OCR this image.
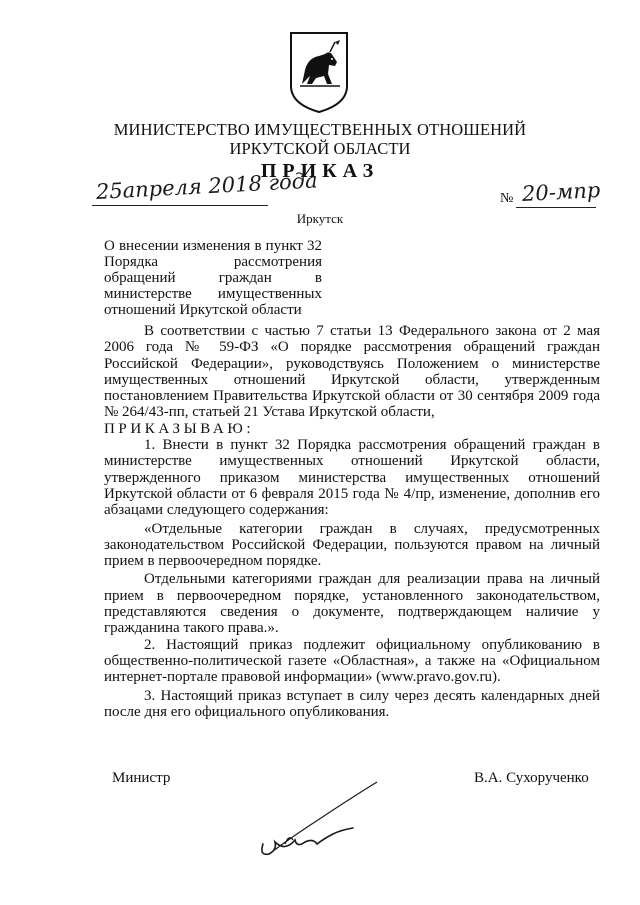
МИНИСТЕРСТВО ИМУЩЕСТВЕННЫХ ОТНОШЕНИЙ
ИРКУТСКОЙ ОБЛАСТИ
ПРИКАЗ
25апреля 2018 года	№ 20-мпр
Иркутск
О внесении изменения в пункт 32 Порядка рассмотрения обращений граждан в министерстве имущественных отношений Иркутской области

В соответствии с частью 7 статьи 13 Федерального закона от 2 мая 2006 года № 59-ФЗ «О порядке рассмотрения обращений граждан Российской Федерации», руководствуясь Положением о министерстве имущественных отношений Иркутской области, утвержденным постановлением Правительства Иркутской области от 30 сентября 2009 года № 264/43-пп, статьей 21 Устава Иркутской области,

ПРИКАЗЫВАЮ:

1. Внести в пункт 32 Порядка рассмотрения обращений граждан в министерстве имущественных отношений Иркутской области, утвержденного приказом министерства имущественных отношений Иркутской области от 6 февраля 2015 года № 4/пр, изменение, дополнив его абзацами следующего содержания:

«Отдельные категории граждан в случаях, предусмотренных законодательством Российской Федерации, пользуются правом на личный прием в первоочередном порядке.

Отдельными категориями граждан для реализации права на личный прием в первоочередном порядке, установленного законодательством, представляются сведения о документе, подтверждающем наличие у гражданина такого права.».

2. Настоящий приказ подлежит официальному опубликованию в общественно-политической газете «Областная», а также на «Официальном интернет-портале правовой информации» (www.pravo.gov.ru).

3. Настоящий приказ вступает в силу через десять календарных дней после дня его официального опубликования.

Министр	В.А. Сухорученко
